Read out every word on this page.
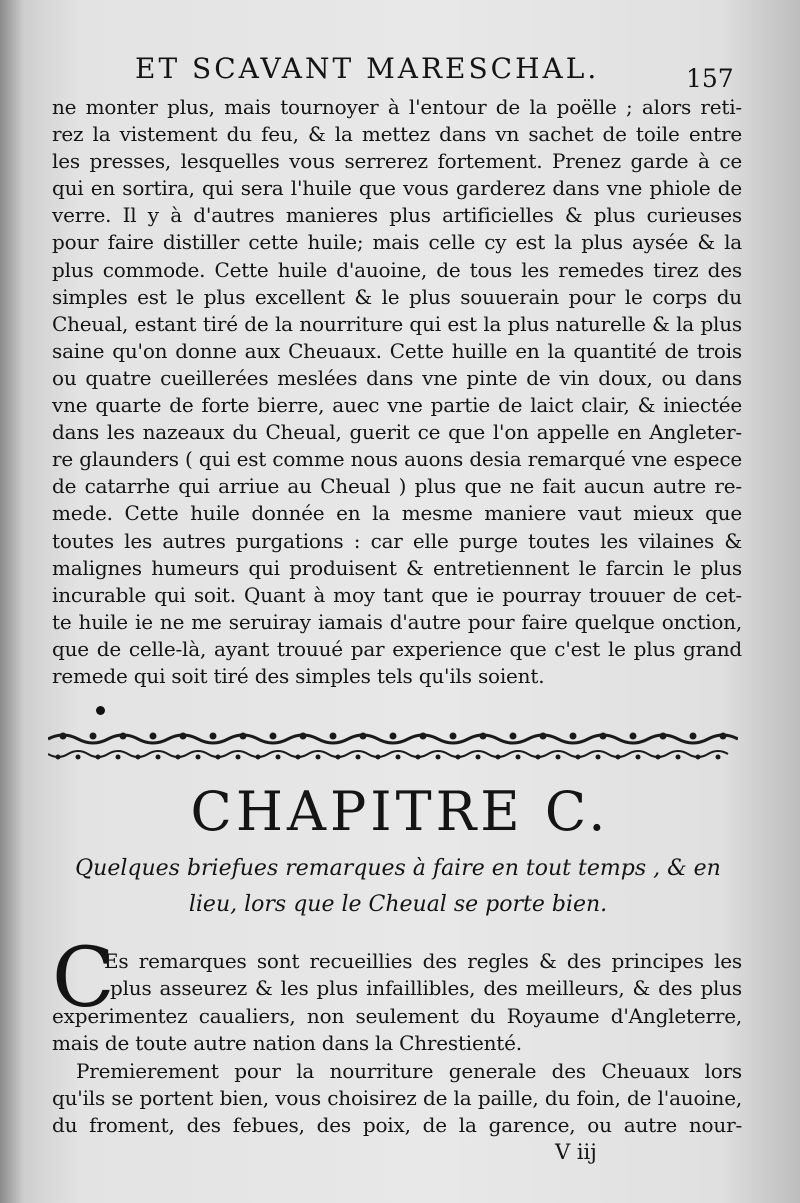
ET SCAVANT MARESCHAL.	157
ne monter plus, mais tournoyer à l'entour de la poëlle ; alors reti-
rez la vistement du feu, & la mettez dans vn sachet de toile entre
les presses, lesquelles vous serrerez fortement. Prenez garde à ce
qui en sortira, qui sera l'huile que vous garderez dans vne phiole de
verre. Il y à d'autres manieres plus artificielles & plus curieuses
pour faire distiller cette huile; mais celle cy est la plus aysée & la
plus commode. Cette huile d'auoine, de tous les remedes tirez des
simples est le plus excellent & le plus souuerain pour le corps du
Cheual, estant tiré de la nourriture qui est la plus naturelle & la plus
saine qu'on donne aux Cheuaux. Cette huille en la quantité de trois
ou quatre cueillerées meslées dans vne pinte de vin doux, ou dans
vne quarte de forte bierre, auec vne partie de laict clair, & iniectée
dans les nazeaux du Cheual, guerit ce que l'on appelle en Angleter-
re glaunders ( qui est comme nous auons desia remarqué vne espece
de catarrhe qui arriue au Cheual ) plus que ne fait aucun autre re-
mede. Cette huile donnée en la mesme maniere vaut mieux que
toutes les autres purgations : car elle purge toutes les vilaines &
malignes humeurs qui produisent & entretiennent le farcin le plus
incurable qui soit. Quant à moy tant que ie pourray trouuer de cet-
te huile ie ne me seruiray iamais d'autre pour faire quelque onction,
que de celle-là, ayant trouué par experience que c'est le plus grand
remede qui soit tiré des simples tels qu'ils soient.
CHAPITRE C.
Quelques briefues remarques à faire en tout temps , & en
lieu, lors que le Cheual se porte bien.
C
Es remarques sont recueillies des regles & des principes les
plus asseurez & les plus infaillibles, des meilleurs, & des plus
experimentez caualiers, non seulement du Royaume d'Angleterre,
mais de toute autre nation dans la Chrestienté.
Premierement pour la nourriture generale des Cheuaux lors
qu'ils se portent bien, vous choisirez de la paille, du foin, de l'auoine,
du froment, des febues, des poix, de la garence, ou autre nour-
V iij
